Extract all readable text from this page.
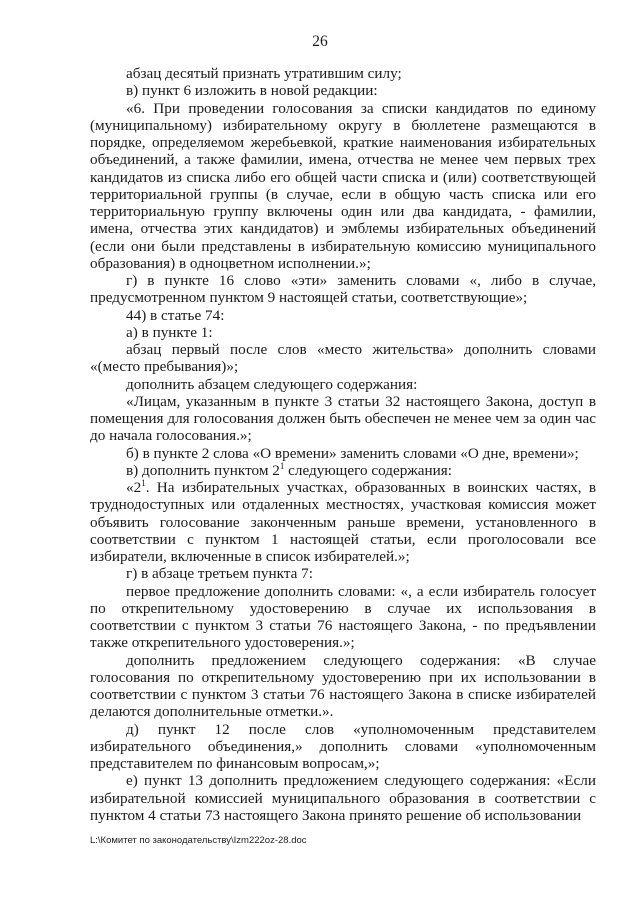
26

абзац десятый признать утратившим силу;

в) пункт 6 изложить в новой редакции:

«6. При проведении голосования за списки кандидатов по единому (муниципальному) избирательному округу в бюллетене размещаются в порядке, определяемом жеребьевкой, краткие наименования избирательных объединений, а также фамилии, имена, отчества не менее чем первых трех кандидатов из списка либо его общей части списка и (или) соответствующей территориальной группы (в случае, если в общую часть списка или его территориальную группу включены один или два кандидата, - фамилии, имена, отчества этих кандидатов) и эмблемы избирательных объединений (если они были представлены в избирательную комиссию муниципального образования) в одноцветном исполнении.»;

г) в пункте 16 слово «эти» заменить словами «, либо в случае, предусмотренном пунктом 9 настоящей статьи, соответствующие»;

44) в статье 74:

а) в пункте 1:

абзац первый после слов «место жительства» дополнить словами «(место пребывания)»;

дополнить абзацем следующего содержания:

«Лицам, указанным в пункте 3 статьи 32 настоящего Закона, доступ в помещения для голосования должен быть обеспечен не менее чем за один час до начала голосования.»;

б) в пункте 2 слова «О времени» заменить словами «О дне, времени»;

в) дополнить пунктом $2^1$ следующего содержания:

«$2^1$. На избирательных участках, образованных в воинских частях, в труднодоступных или отдаленных местностях, участковая комиссия может объявить голосование законченным раньше времени, установленного в соответствии с пунктом 1 настоящей статьи, если проголосовали все избиратели, включенные в список избирателей.»;

г) в абзаце третьем пункта 7:

первое предложение дополнить словами: «, а если избиратель голосует по открепительному удостоверению в случае их использования в соответствии с пунктом 3 статьи 76 настоящего Закона, - по предъявлении также открепительного удостоверения.»;

дополнить предложением следующего содержания: «В случае голосования по открепительному удостоверению при их использовании в соответствии с пунктом 3 статьи 76 настоящего Закона в списке избирателей делаются дополнительные отметки.».

д) пункт 12 после слов «уполномоченным представителем избирательного объединения,» дополнить словами «уполномоченным представителем по финансовым вопросам,»;

е) пункт 13 дополнить предложением следующего содержания: «Если избирательной комиссией муниципального образования в соответствии с пунктом 4 статьи 73 настоящего Закона принято решение об использовании

L:\Комитет по законодательству\Izm222oz-28.doc
